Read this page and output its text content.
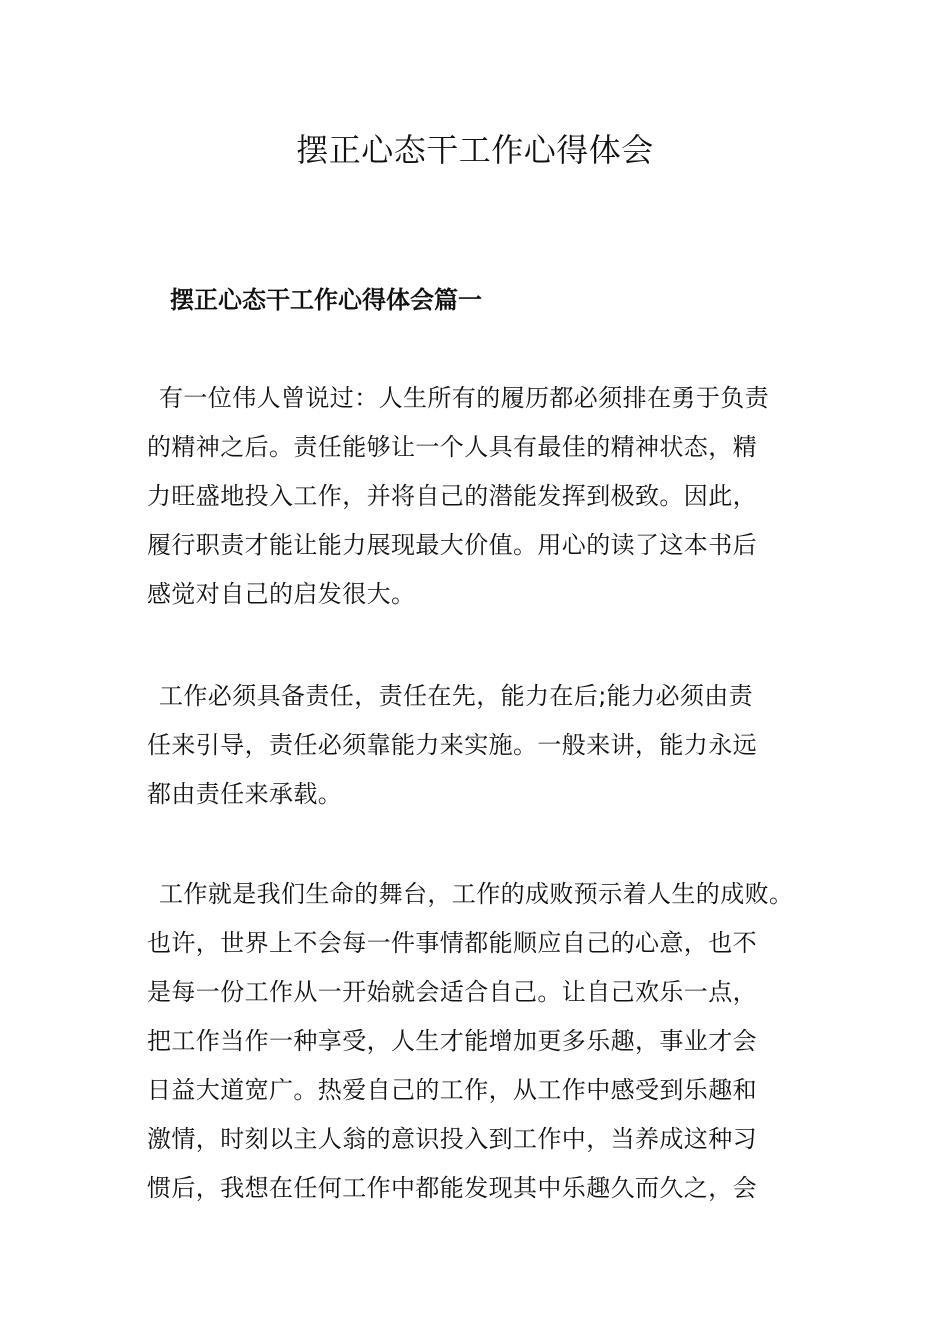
摆正心态干工作心得体会
摆正心态干工作心得体会篇一
有一位伟人曾说过：人生所有的履历都必须排在勇于负责
的精神之后。责任能够让一个人具有最佳的精神状态，精
力旺盛地投入工作，并将自己的潜能发挥到极致。因此，
履行职责才能让能力展现最大价值。用心的读了这本书后
感觉对自己的启发很大。
工作必须具备责任，责任在先，能力在后;能力必须由责
任来引导，责任必须靠能力来实施。一般来讲，能力永远
都由责任来承载。
工作就是我们生命的舞台，工作的成败预示着人生的成败。
也许，世界上不会每一件事情都能顺应自己的心意，也不
是每一份工作从一开始就会适合自己。让自己欢乐一点，
把工作当作一种享受，人生才能增加更多乐趣，事业才会
日益大道宽广。热爱自己的工作，从工作中感受到乐趣和
激情，时刻以主人翁的意识投入到工作中，当养成这种习
惯后，我想在任何工作中都能发现其中乐趣久而久之，会
